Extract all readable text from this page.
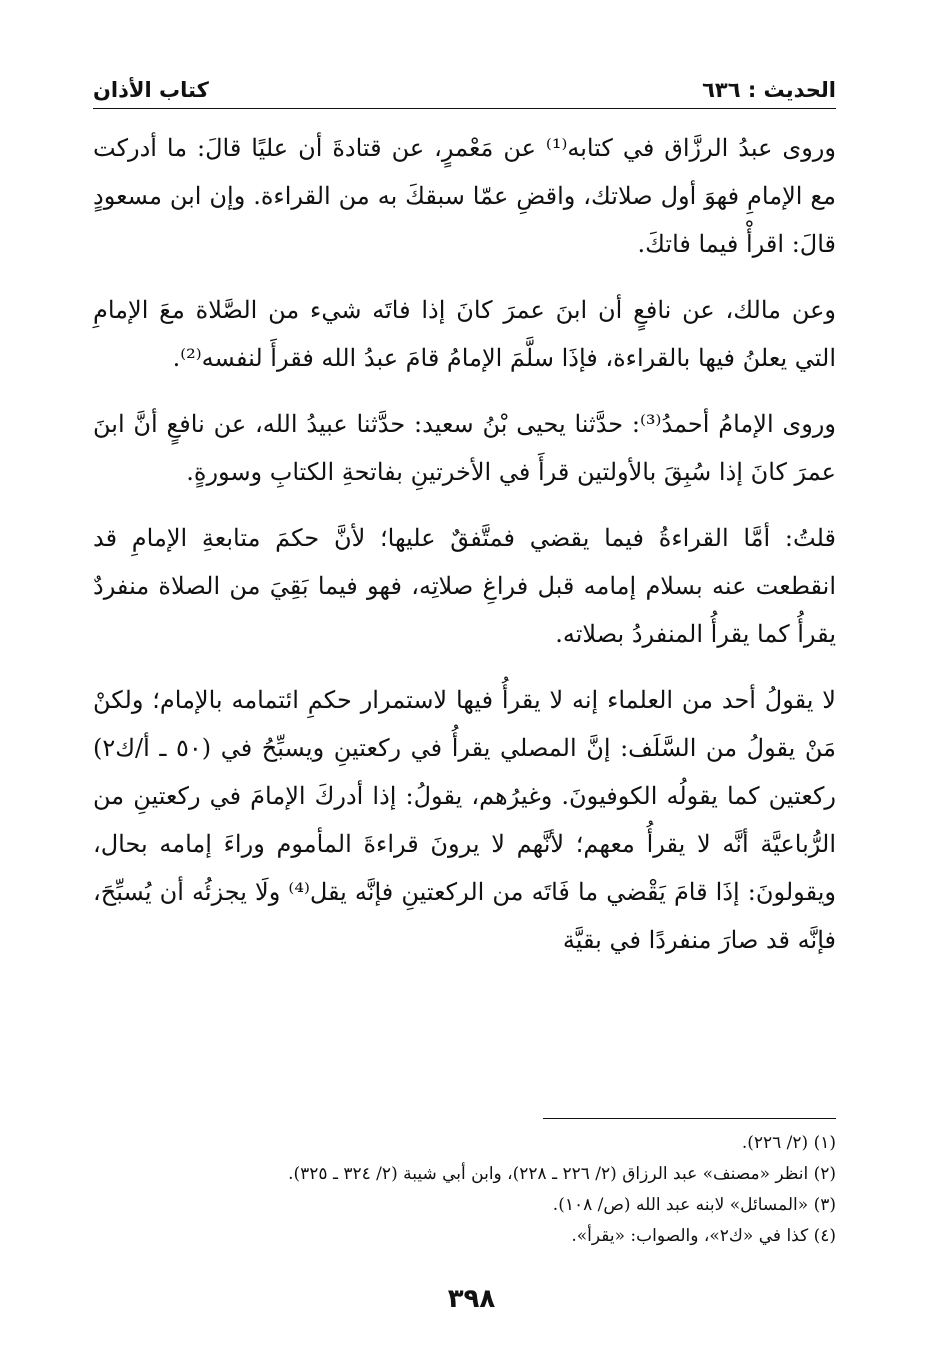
الحديث : ٦٣٦
كتاب الأذان

وروى عبدُ الرزَّاق في كتابه⁽¹⁾ عن مَعْمرٍ، عن قتادةَ أن عليًا قالَ: ما أدركت مع الإمامِ فهوَ أول صلاتك، واقضِ عمّا سبقكَ به من القراءة. وإن ابن مسعودٍ قالَ: اقرأْ فيما فاتكَ.

وعن مالك، عن نافعٍ أن ابنَ عمرَ كانَ إذا فاتَه شيء من الصَّلاة معَ الإمامِ التي يعلنُ فيها بالقراءة، فإذَا سلَّمَ الإمامُ قامَ عبدُ الله فقرأَ لنفسه⁽²⁾.

وروى الإمامُ أحمدُ⁽³⁾: حدَّثنا يحيى بْنُ سعيد: حدَّثنا عبيدُ الله، عن نافعٍ أنَّ ابنَ عمرَ كانَ إذا سُبِقَ بالأولتين قرأَ في الأخرتينِ بفاتحةِ الكتابِ وسورةٍ.

قلتُ: أمَّا القراءةُ فيما يقضي فمتَّفقٌ عليها؛ لأنَّ حكمَ متابعةِ الإمامِ قد انقطعت عنه بسلام إمامه قبل فراغِ صلاتِه، فهو فيما بَقِيَ من الصلاة منفردٌ يقرأُ كما يقرأُ المنفردُ بصلاته.

لا يقولُ أحد من العلماء إنه لا يقرأُ فيها لاستمرار حكمِ ائتمامه بالإمام؛ ولكنْ مَنْ يقولُ من السَّلَف: إنَّ المصلي يقرأُ في ركعتينِ ويسبِّحُ في (٥٠ ـ أ/ك٢) ركعتين كما يقولُه الكوفيونَ. وغيرُهم، يقولُ: إذا أدركَ الإمامَ في ركعتينِ من الرُّباعيَّة أنَّه لا يقرأُ معهم؛ لأنَّهم لا يرونَ قراءةَ المأموم وراءَ إمامه بحال، ويقولونَ: إذَا قامَ يَقْضي ما فَاتَه من الركعتينِ فإنَّه يقل⁽⁴⁾ ولَا يجزئُه أن يُسبِّحَ، فإنَّه قد صارَ منفردًا في بقيَّة

(١) (٢/ ٢٢٦).

(٢) انظر «مصنف» عبد الرزاق (٢/ ٢٢٦ ـ ٢٢٨)، وابن أبي شيبة (٢/ ٣٢٤ ـ ٣٢٥).

(٣) «المسائل» لابنه عبد الله (ص/ ١٠٨).

(٤) كذا في «ك٢»، والصواب: «يقرأ».

٣٩٨
